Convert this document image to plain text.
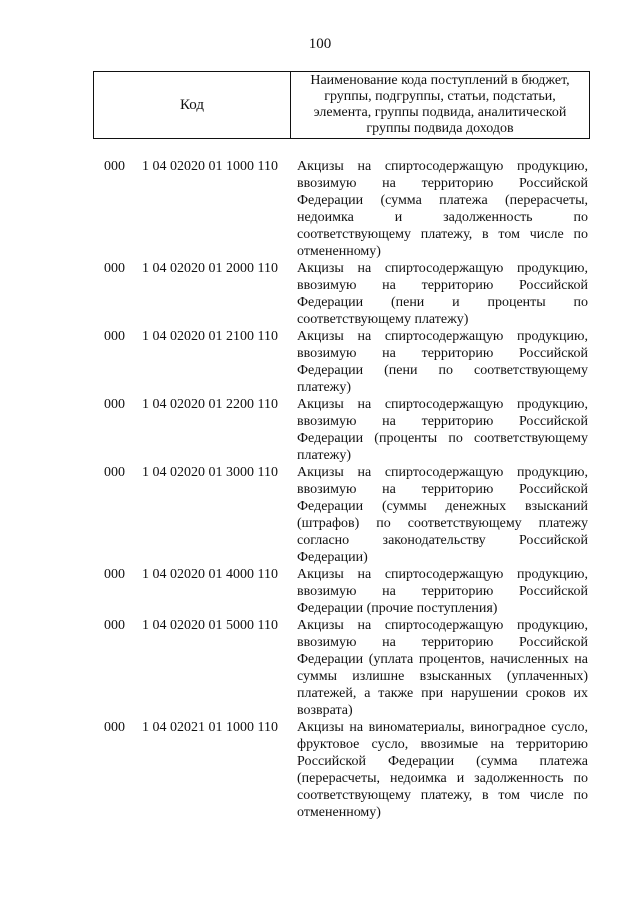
100
Код
Наименование кода поступлений в бюджет, группы, подгруппы, статьи, подстатьи, элемента, группы подвида, аналитической группы подвида доходов
000 1 04 02020 01 1000 110 Акцизы на спиртосодержащую продукцию, ввозимую на территорию Российской Федерации (сумма платежа (перерасчеты, недоимка и задолженность по соответствующему платежу, в том числе по отмененному)
000 1 04 02020 01 2000 110 Акцизы на спиртосодержащую продукцию, ввозимую на территорию Российской Федерации (пени и проценты по соответствующему платежу)
000 1 04 02020 01 2100 110 Акцизы на спиртосодержащую продукцию, ввозимую на территорию Российской Федерации (пени по соответствующему платежу)
000 1 04 02020 01 2200 110 Акцизы на спиртосодержащую продукцию, ввозимую на территорию Российской Федерации (проценты по соответствующему платежу)
000 1 04 02020 01 3000 110 Акцизы на спиртосодержащую продукцию, ввозимую на территорию Российской Федерации (суммы денежных взысканий (штрафов) по соответствующему платежу согласно законодательству Российской Федерации)
000 1 04 02020 01 4000 110 Акцизы на спиртосодержащую продукцию, ввозимую на территорию Российской Федерации (прочие поступления)
000 1 04 02020 01 5000 110 Акцизы на спиртосодержащую продукцию, ввозимую на территорию Российской Федерации (уплата процентов, начисленных на суммы излишне взысканных (уплаченных) платежей, а также при нарушении сроков их возврата)
000 1 04 02021 01 1000 110 Акцизы на виноматериалы, виноградное сусло, фруктовое сусло, ввозимые на территорию Российской Федерации (сумма платежа (перерасчеты, недоимка и задолженность по соответствующему платежу, в том числе по отмененному)
